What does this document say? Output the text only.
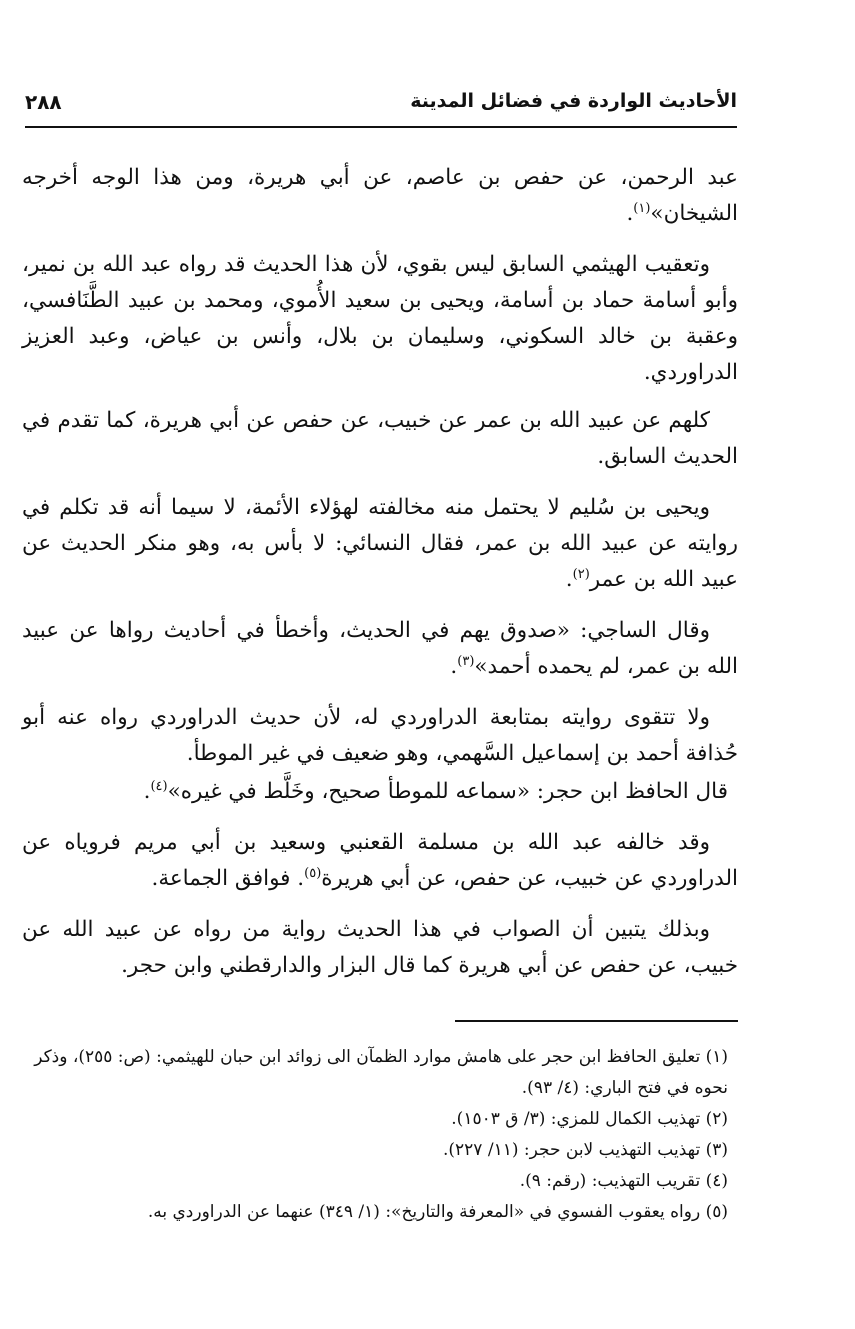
الأحاديث الواردة في فضائل المدينة
٢٨٨

عبد الرحمن، عن حفص بن عاصم، عن أبي هريرة، ومن هذا الوجه أخرجه الشيخان»$^{(١)}$.

وتعقيب الهيثمي السابق ليس بقوي، لأن هذا الحديث قد رواه عبد الله بن نمير، وأبو أسامة حماد بن أسامة، ويحيى بن سعيد الأُموي، ومحمد بن عبيد الطَّنَافسي، وعقبة بن خالد السكوني، وسليمان بن بلال، وأنس بن عياض، وعبد العزيز الدراوردي.

كلهم عن عبيد الله بن عمر عن خبيب، عن حفص عن أبي هريرة، كما تقدم في الحديث السابق.

ويحيى بن سُليم لا يحتمل منه مخالفته لهؤلاء الأئمة، لا سيما أنه قد تكلم في روايته عن عبيد الله بن عمر، فقال النسائي: لا بأس به، وهو منكر الحديث عن عبيد الله بن عمر$^{(٢)}$.

وقال الساجي: «صدوق يهم في الحديث، وأخطأ في أحاديث رواها عن عبيد الله بن عمر، لم يحمده أحمد»$^{(٣)}$.

ولا تتقوى روايته بمتابعة الدراوردي له، لأن حديث الدراوردي رواه عنه أبو حُذافة أحمد بن إسماعيل السَّهمي، وهو ضعيف في غير الموطأ.

قال الحافظ ابن حجر: «سماعه للموطأ صحيح، وخَلَّط في غيره»$^{(٤)}$.

وقد خالفه عبد الله بن مسلمة القعنبي وسعيد بن أبي مريم فروياه عن الدراوردي عن خبيب، عن حفص، عن أبي هريرة$^{(٥)}$. فوافق الجماعة.

وبذلك يتبين أن الصواب في هذا الحديث رواية من رواه عن عبيد الله عن خبيب، عن حفص عن أبي هريرة كما قال البزار والدارقطني وابن حجر.

(١) تعليق الحافظ ابن حجر على هامش موارد الظمآن الى زوائد ابن حبان للهيثمي: (ص: ٢٥٥)، وذكر نحوه في فتح الباري: (٤/ ٩٣).

(٢) تهذيب الكمال للمزي: (٣/ ق ١٥٠٣).

(٣) تهذيب التهذيب لابن حجر: (١١/ ٢٢٧).

(٤) تقريب التهذيب: (رقم: ٩).

(٥) رواه يعقوب الفسوي في «المعرفة والتاريخ»: (١/ ٣٤٩) عنهما عن الدراوردي به.
